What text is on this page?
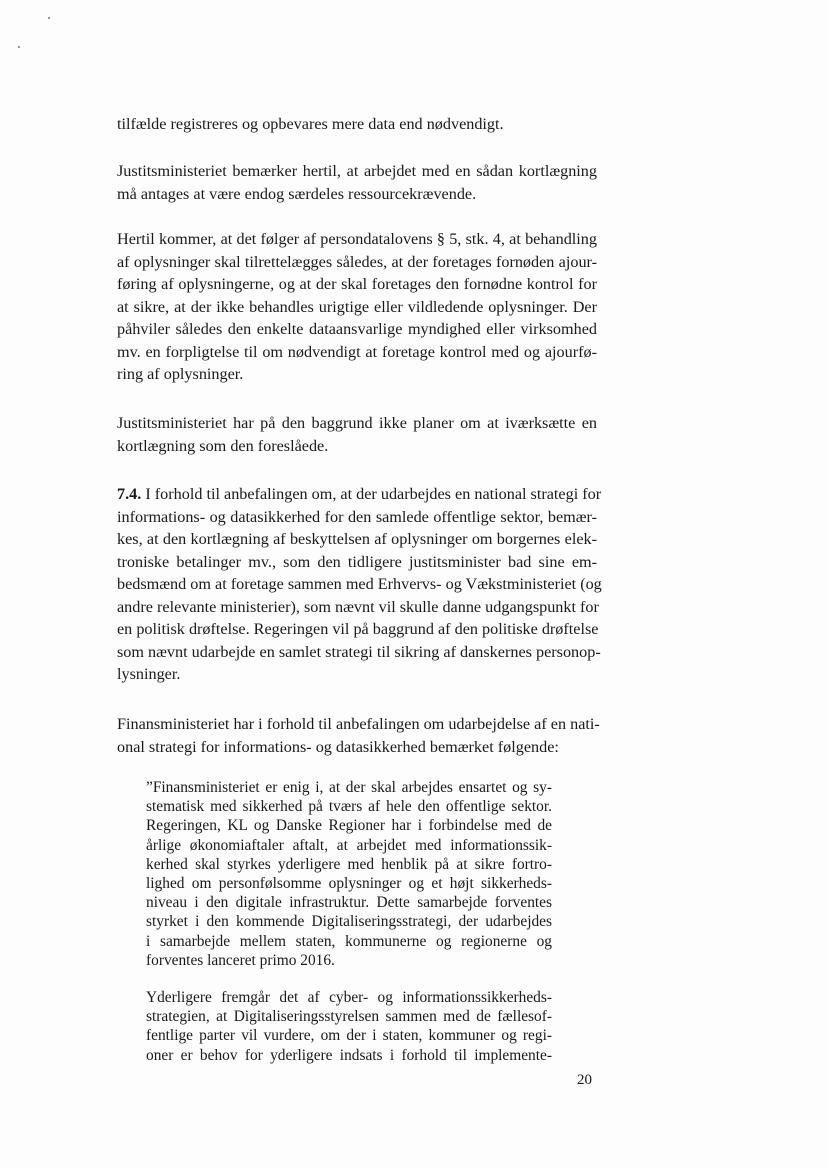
tilfælde registreres og opbevares mere data end nødvendigt.
Justitsministeriet bemærker hertil, at arbejdet med en sådan kortlægning
må antages at være endog særdeles ressourcekrævende.
Hertil kommer, at det følger af persondatalovens § 5, stk. 4, at behandling
af oplysninger skal tilrettelægges således, at der foretages fornøden ajour-
føring af oplysningerne, og at der skal foretages den fornødne kontrol for
at sikre, at der ikke behandles urigtige eller vildledende oplysninger. Der
påhviler således den enkelte dataansvarlige myndighed eller virksomhed
mv. en forpligtelse til om nødvendigt at foretage kontrol med og ajourfø-
ring af oplysninger.
Justitsministeriet har på den baggrund ikke planer om at iværksætte en
kortlægning som den foreslåede.
7.4. I forhold til anbefalingen om, at der udarbejdes en national strategi for
informations- og datasikkerhed for den samlede offentlige sektor, bemær-
kes, at den kortlægning af beskyttelsen af oplysninger om borgernes elek-
troniske betalinger mv., som den tidligere justitsminister bad sine em-
bedsmænd om at foretage sammen med Erhvervs- og Vækstministeriet (og
andre relevante ministerier), som nævnt vil skulle danne udgangspunkt for
en politisk drøftelse. Regeringen vil på baggrund af den politiske drøftelse
som nævnt udarbejde en samlet strategi til sikring af danskernes personop-
lysninger.
Finansministeriet har i forhold til anbefalingen om udarbejdelse af en nati-
onal strategi for informations- og datasikkerhed bemærket følgende:
”Finansministeriet er enig i, at der skal arbejdes ensartet og sy-
stematisk med sikkerhed på tværs af hele den offentlige sektor.
Regeringen, KL og Danske Regioner har i forbindelse med de
årlige økonomiaftaler aftalt, at arbejdet med informationssik-
kerhed skal styrkes yderligere med henblik på at sikre fortro-
lighed om personfølsomme oplysninger og et højt sikkerheds-
niveau i den digitale infrastruktur. Dette samarbejde forventes
styrket i den kommende Digitaliseringsstrategi, der udarbejdes
i samarbejde mellem staten, kommunerne og regionerne og
forventes lanceret primo 2016.
Yderligere fremgår det af cyber- og informationssikkerheds-
strategien, at Digitaliseringsstyrelsen sammen med de fællesof-
fentlige parter vil vurdere, om der i staten, kommuner og regi-
oner er behov for yderligere indsats i forhold til implemente-
20
